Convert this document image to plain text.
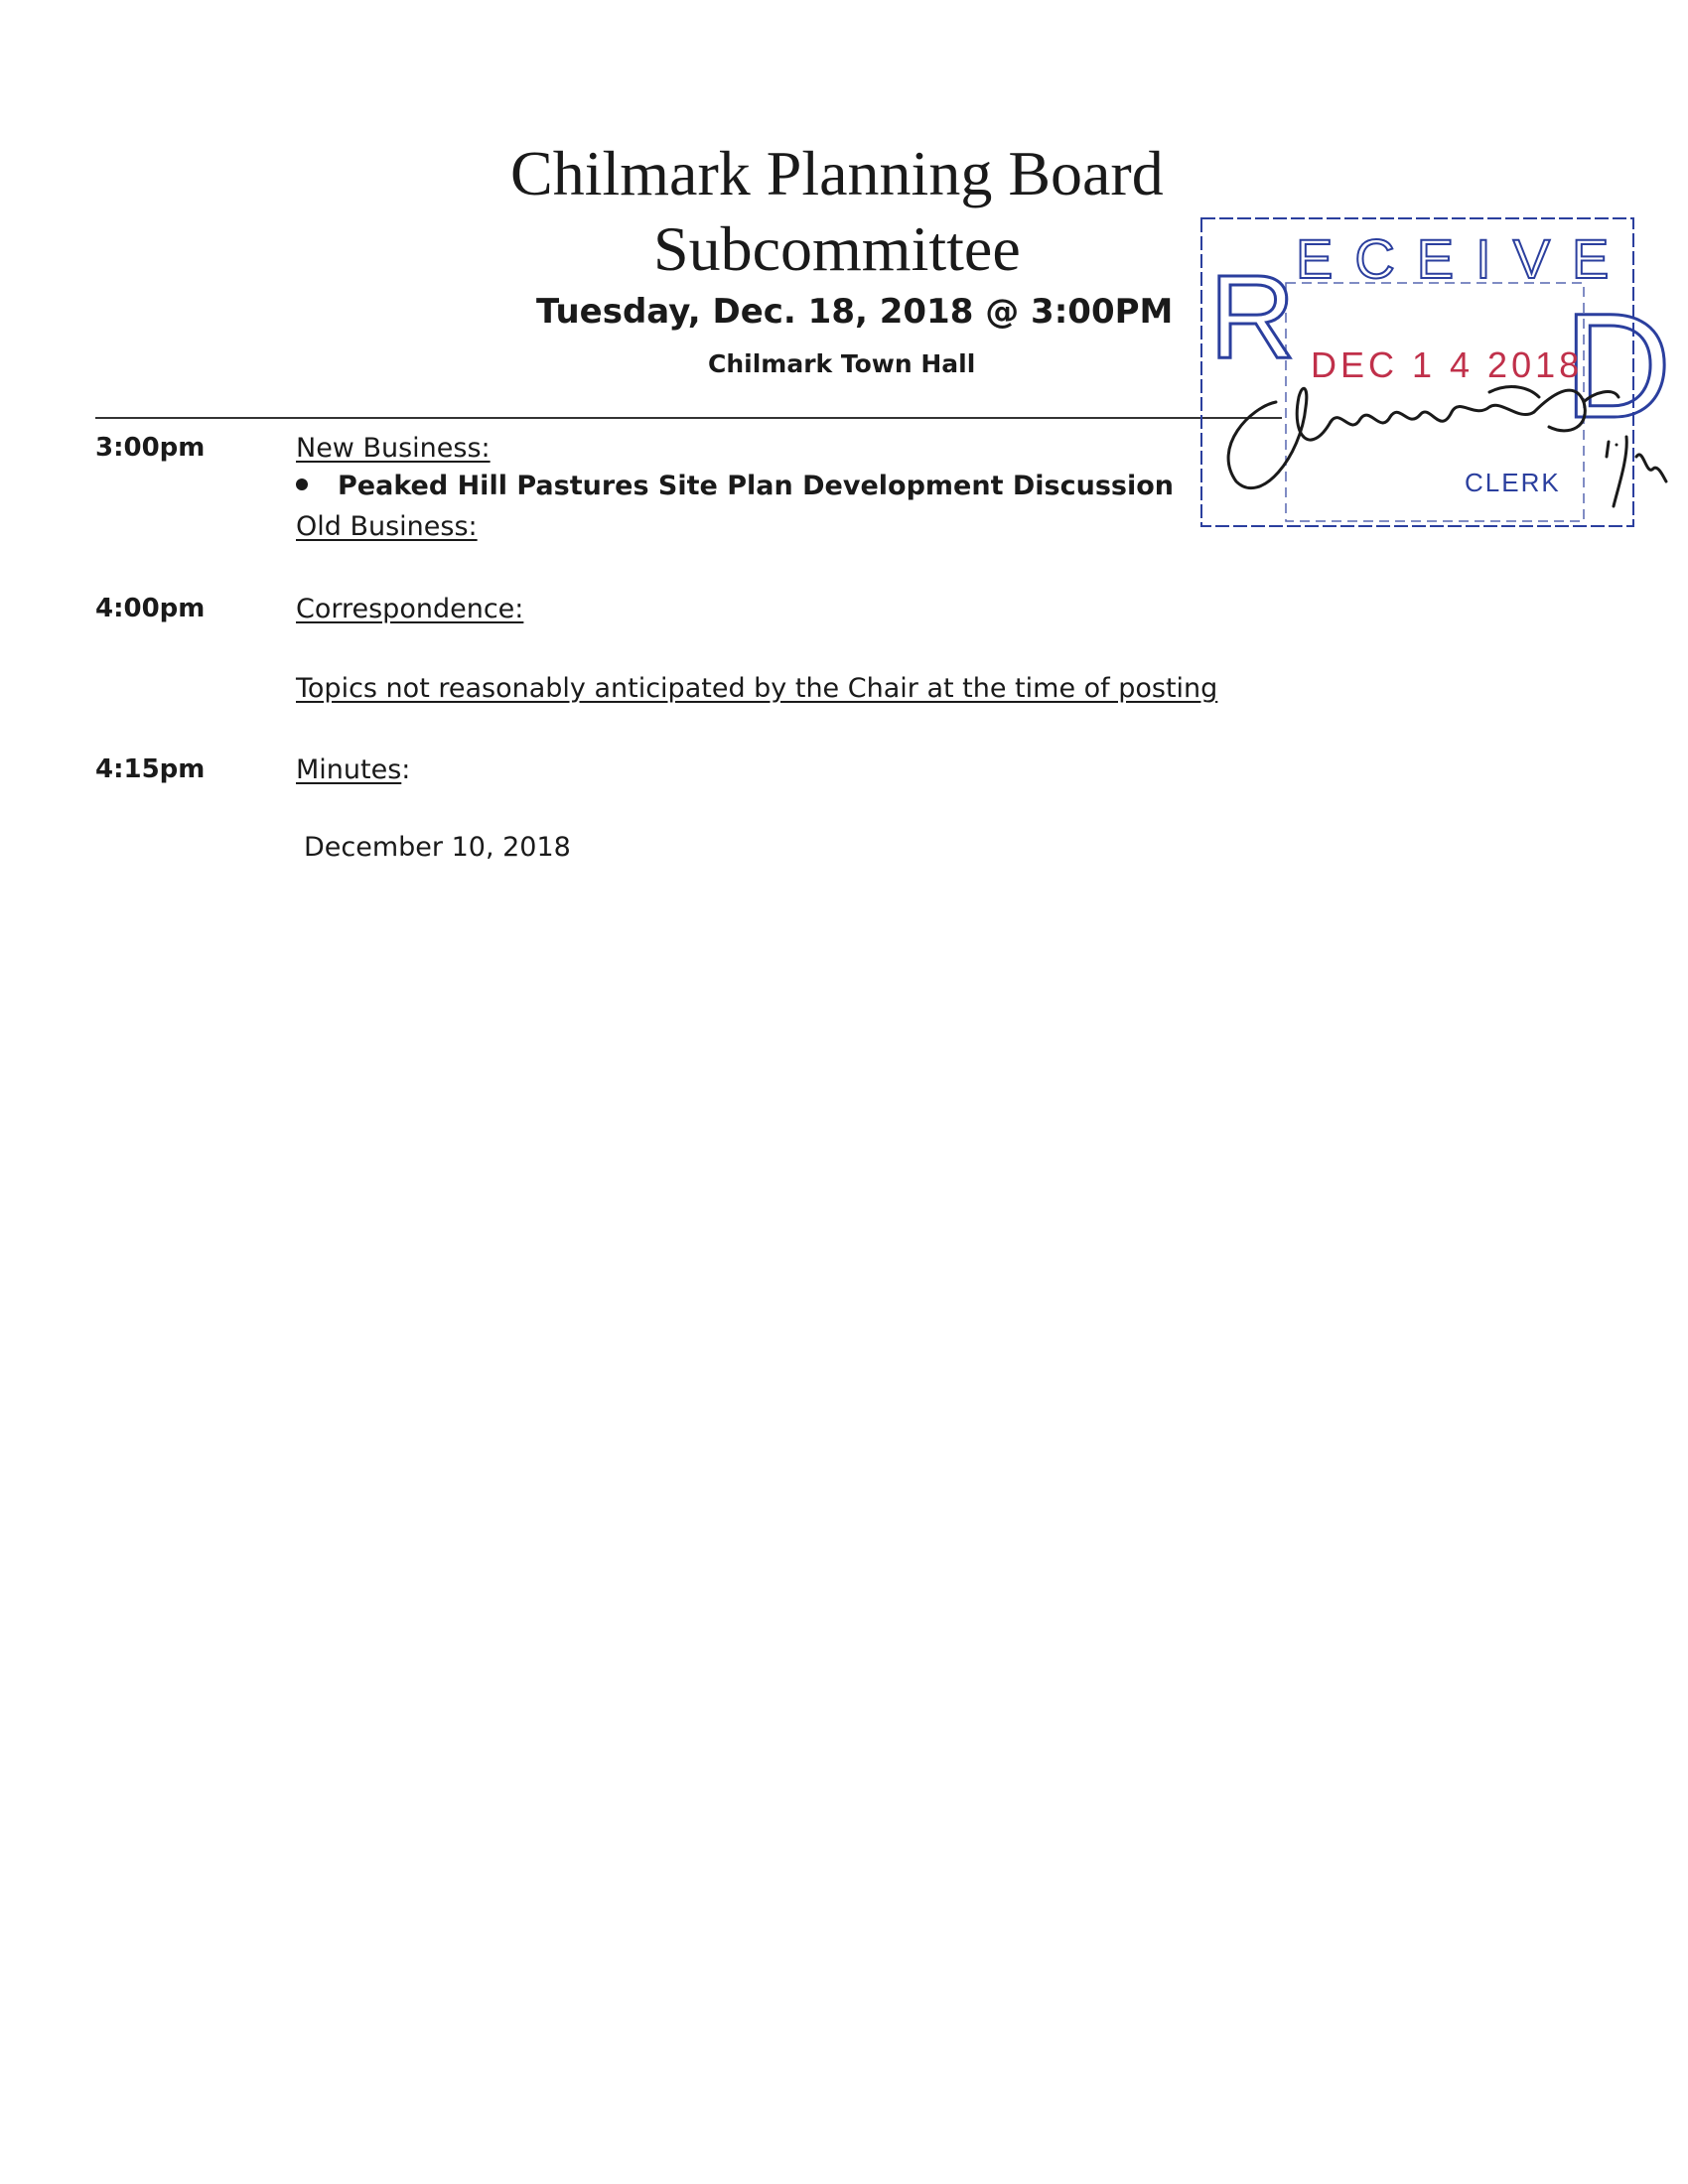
Chilmark Planning Board
Subcommittee
Tuesday, Dec. 18, 2018 @ 3:00PM
Chilmark Town Hall
3:00pm	New Business:
Peaked Hill Pastures Site Plan Development Discussion
Old Business:
4:00pm	Correspondence:
Topics not reasonably anticipated by the Chair at the time of posting
4:15pm	Minutes:
December 10, 2018
R ECEIVE
D
DEC 1 4 2018
CLERK
